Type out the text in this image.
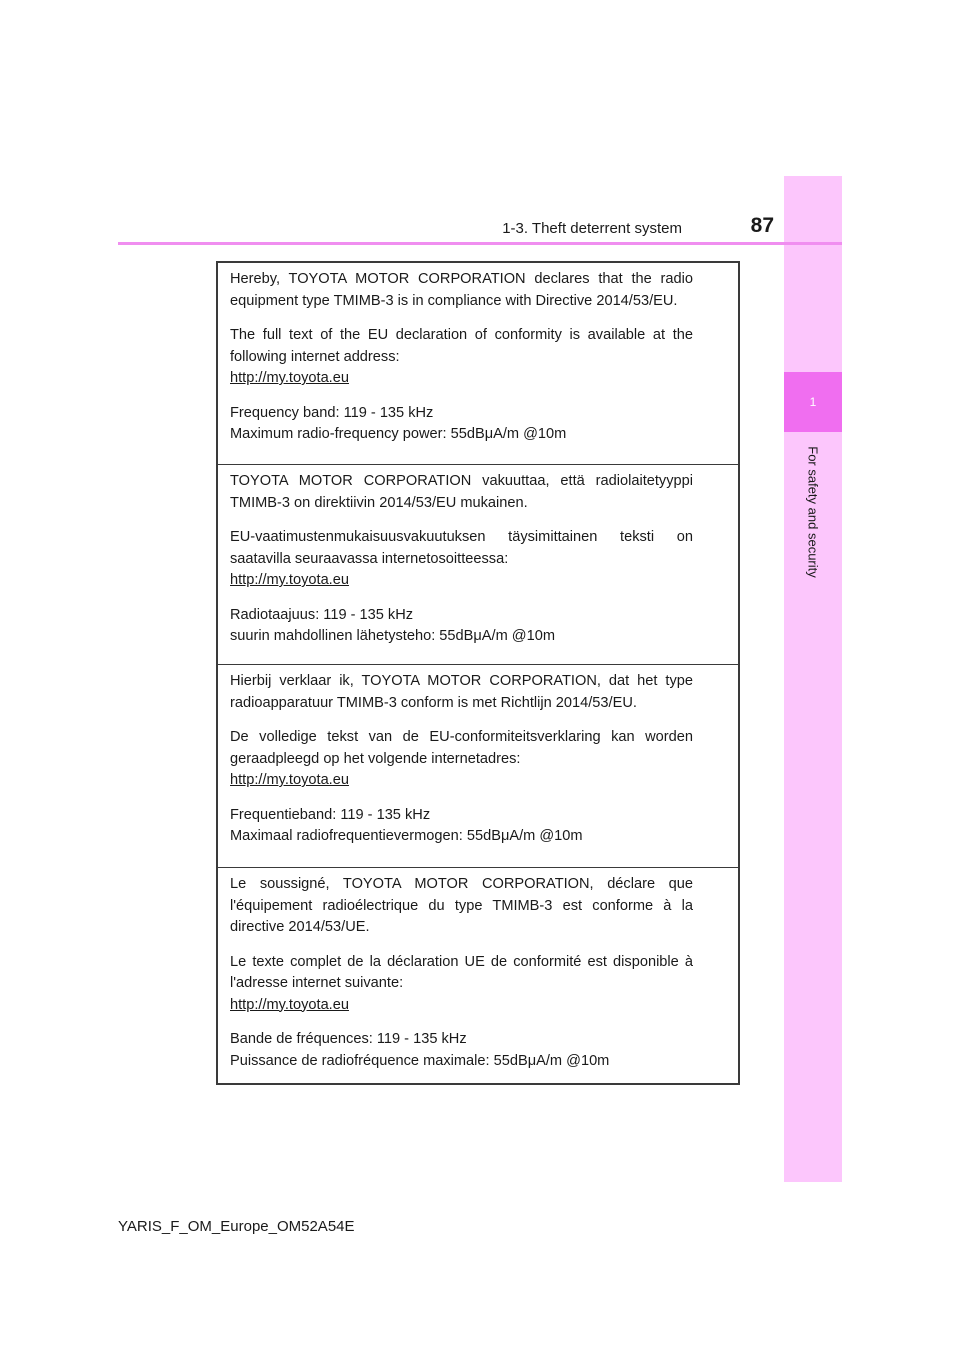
1
For safety and security
1-3. Theft deterrent system	87

Hereby, TOYOTA MOTOR CORPORATION declares that the radio equipment type TMIMB-3 is in compliance with Directive 2014/53/EU.

The full text of the EU declaration of conformity is available at the following internet address:

http://my.toyota.eu

Frequency band: 119 - 135 kHz

Maximum radio-frequency power: 55dBμA/m @10m

TOYOTA MOTOR CORPORATION vakuuttaa, että radiolaitetyyppi TMIMB-3 on direktiivin 2014/53/EU mukainen.

EU-vaatimustenmukaisuusvakuutuksen täysimittainen teksti on saatavilla seuraavassa internetosoitteessa:

http://my.toyota.eu

Radiotaajuus: 119 - 135 kHz

suurin mahdollinen lähetysteho: 55dBμA/m @10m

Hierbij verklaar ik, TOYOTA MOTOR CORPORATION, dat het type radioapparatuur TMIMB-3 conform is met Richtlijn 2014/53/EU.

De volledige tekst van de EU-conformiteitsverklaring kan worden geraadpleegd op het volgende internetadres:

http://my.toyota.eu

Frequentieband: 119 - 135 kHz

Maximaal radiofrequentievermogen: 55dBμA/m @10m

Le soussigné, TOYOTA MOTOR CORPORATION, déclare que l'équipement radioélectrique du type TMIMB-3 est conforme à la directive 2014/53/UE.

Le texte complet de la déclaration UE de conformité est disponible à l'adresse internet suivante:

http://my.toyota.eu

Bande de fréquences: 119 - 135 kHz

Puissance de radiofréquence maximale: 55dBμA/m @10m

YARIS_F_OM_Europe_OM52A54E
